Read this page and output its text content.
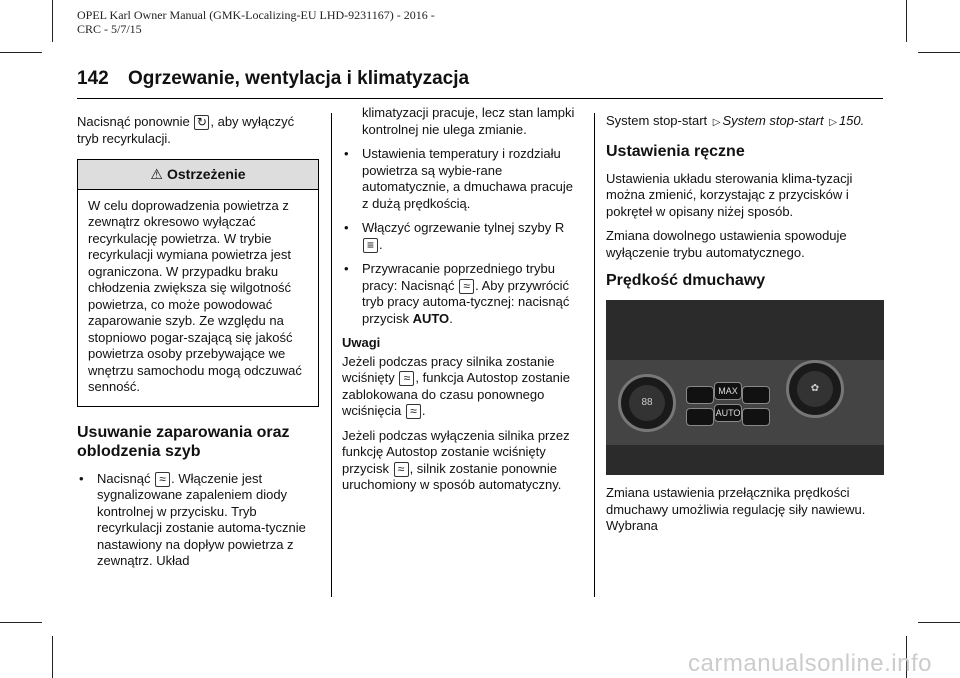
OPEL Karl Owner Manual (GMK-Localizing-EU LHD-9231167) - 2016 -
CRC - 5/7/15
142 Ogrzewanie, wentylacja i klimatyzacja

Nacisnąć ponownie ↻ , aby wyłączyć tryb recyrkulacji.

⚠ Ostrzeżenie
W celu doprowadzenia powietrza z zewnątrz okresowo wyłączać recyrkulację powietrza. W trybie recyrkulacji wymiana powietrza jest ograniczona. W przypadku braku chłodzenia zwiększa się wilgotność powietrza, co może powodować zaparowanie szyb. Ze względu na stopniowo pogar-szającą się jakość powietrza osoby przebywające we wnętrzu samochodu mogą odczuwać senność.
Usuwanie zaparowania oraz oblodzenia szyb
• Nacisnąć ≈ . Włączenie jest sygnalizowane zapaleniem diody kontrolnej w przycisku. Tryb recyrkulacji zostanie automa-tycznie nastawiony na dopływ powietrza z zewnątrz. Układ

klimatyzacji pracuje, lecz stan lampki kontrolnej nie ulega zmianie.

• Ustawienia temperatury i rozdziału powietrza są wybie-rane automatycznie, a dmuchawa pracuje z dużą prędkością.
• Włączyć ogrzewanie tylnej szyby R ≡ .
• Przywracanie poprzedniego trybu pracy: Nacisnąć ≈ . Aby przywrócić tryb pracy automa-tycznej: nacisnąć przycisk AUTO.

Uwagi

Jeżeli podczas pracy silnika zostanie wciśnięty ≈ , funkcja Autostop zostanie zablokowana do czasu ponownego wciśnięcia ≈ .

Jeżeli podczas wyłączenia silnika przez funkcję Autostop zostanie wciśnięty przycisk ≈ , silnik zostanie ponownie uruchomiony w sposób automatyczny.

System stop-start ▷ System stop-start ▷ 150.

Ustawienia ręczne

Ustawienia układu sterowania klima-tyzacji można zmienić, korzystając z przycisków i pokręteł w opisany niżej sposób.

Zmiana dowolnego ustawienia spowoduje wyłączenie trybu automatycznego.

Prędkość dmuchawy
88
MAX
AUTO
✿

Zmiana ustawienia przełącznika prędkości dmuchawy umożliwia regulację siły nawiewu. Wybrana

carmanualsonline.info
